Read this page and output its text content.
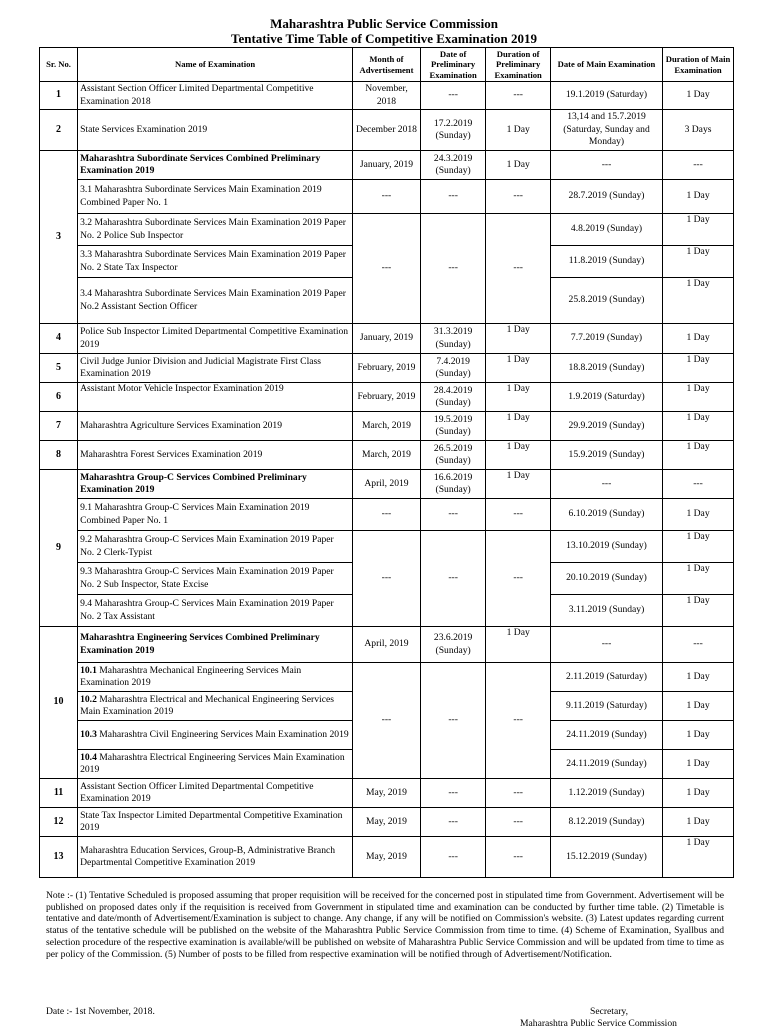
Maharashtra Public Service Commission
Tentative Time Table of Competitive Examination 2019
Sr. No.	Name of Examination	Month of Advertisement	Date of Preliminary Examination	Duration of Preliminary Examination	Date of Main Examination	Duration of Main Examination
1	Assistant Section Officer Limited Departmental Competitive Examination 2018	November, 2018	---	---	19.1.2019 (Saturday)	1 Day
2	State Services Examination 2019	December 2018	17.2.2019 (Sunday)	1 Day	13,14 and 15.7.2019 (Saturday, Sunday and Monday)	3 Days
3	Maharashtra Subordinate Services Combined Preliminary Examination 2019	January, 2019	24.3.2019 (Sunday)	1 Day	---	---
	3.1 Maharashtra Subordinate Services Main Examination 2019 Combined Paper No. 1	---	---	---	28.7.2019 (Sunday)	1 Day
	3.2 Maharashtra Subordinate Services Main Examination 2019 Paper No. 2 Police Sub Inspector	---	---	---	4.8.2019 (Sunday)	1 Day
	3.3 Maharashtra Subordinate Services Main Examination 2019 Paper No. 2 State Tax Inspector				11.8.2019 (Sunday)	1 Day
	3.4 Maharashtra Subordinate Services Main Examination 2019 Paper No.2 Assistant Section Officer				25.8.2019 (Sunday)	1 Day
4	Police Sub Inspector Limited Departmental Competitive Examination 2019	January, 2019	31.3.2019 (Sunday)	1 Day	7.7.2019 (Sunday)	1 Day
5	Civil Judge Junior Division and Judicial Magistrate First Class Examination 2019	February, 2019	7.4.2019 (Sunday)	1 Day	18.8.2019 (Sunday)	1 Day
6	Assistant Motor Vehicle Inspector Examination 2019	February, 2019	28.4.2019 (Sunday)	1 Day	1.9.2019 (Saturday)	1 Day
7	Maharashtra Agriculture Services Examination 2019	March, 2019	19.5.2019 (Sunday)	1 Day	29.9.2019 (Sunday)	1 Day
8	Maharashtra Forest Services Examination 2019	March, 2019	26.5.2019 (Sunday)	1 Day	15.9.2019 (Sunday)	1 Day
9	Maharashtra Group-C Services Combined Preliminary Examination 2019	April, 2019	16.6.2019 (Sunday)	1 Day	---	---
	9.1 Maharashtra Group-C Services Main Examination 2019 Combined Paper No. 1	---	---	---	6.10.2019 (Sunday)	1 Day
	9.2 Maharashtra Group-C Services Main Examination 2019 Paper No. 2 Clerk-Typist	---	---	---	13.10.2019 (Sunday)	1 Day
	9.3 Maharashtra Group-C Services Main Examination 2019 Paper No. 2 Sub Inspector, State Excise				20.10.2019 (Sunday)	1 Day
	9.4 Maharashtra Group-C Services Main Examination 2019 Paper No. 2 Tax Assistant				3.11.2019 (Sunday)	1 Day
10	Maharashtra Engineering Services Combined Preliminary Examination 2019	April, 2019	23.6.2019 (Sunday)	1 Day	---	---
	10.1 Maharashtra Mechanical Engineering Services Main Examination 2019	---	---	---	2.11.2019 (Saturday)	1 Day
	10.2 Maharashtra Electrical and Mechanical Engineering Services Main Examination 2019				9.11.2019 (Saturday)	1 Day
	10.3 Maharashtra Civil Engineering Services Main Examination 2019				24.11.2019 (Sunday)	1 Day
	10.4 Maharashtra Electrical Engineering Services Main Examination 2019				24.11.2019 (Sunday)	1 Day
11	Assistant Section Officer Limited Departmental Competitive Examination 2019	May, 2019	---	---	1.12.2019 (Sunday)	1 Day
12	State Tax Inspector Limited Departmental Competitive Examination 2019	May, 2019	---	---	8.12.2019 (Sunday)	1 Day
13	Maharashtra Education Services, Group-B, Administrative Branch Departmental Competitive Examination 2019	May, 2019	---	---	15.12.2019 (Sunday)	1 Day
Note :- (1) Tentative Scheduled is proposed assuming that proper requisition will be received for the concerned post in stipulated time from Government. Advertisement will be published on proposed dates only if the requisition is received from Government in stipulated time and examination can be conducted by further time table. (2) Timetable is tentative and date/month of Advertisement/Examination is subject to change. Any change, if any will be notified on Commission's website. (3) Latest updates regarding current status of the tentative schedule will be published on the website of the Maharashtra Public Service Commission from time to time. (4) Scheme of Examination, Syallbus and selection procedure of the respective examination is available/will be published on website of Maharashtra Public Service Commission and will be updated from time to time as per policy of the Commission. (5) Number of posts to be filled from respective examination will be notified through of Advertisement/Notification.
Date :- 1st November, 2018.	Secretary,
Maharashtra Public Service Commission
